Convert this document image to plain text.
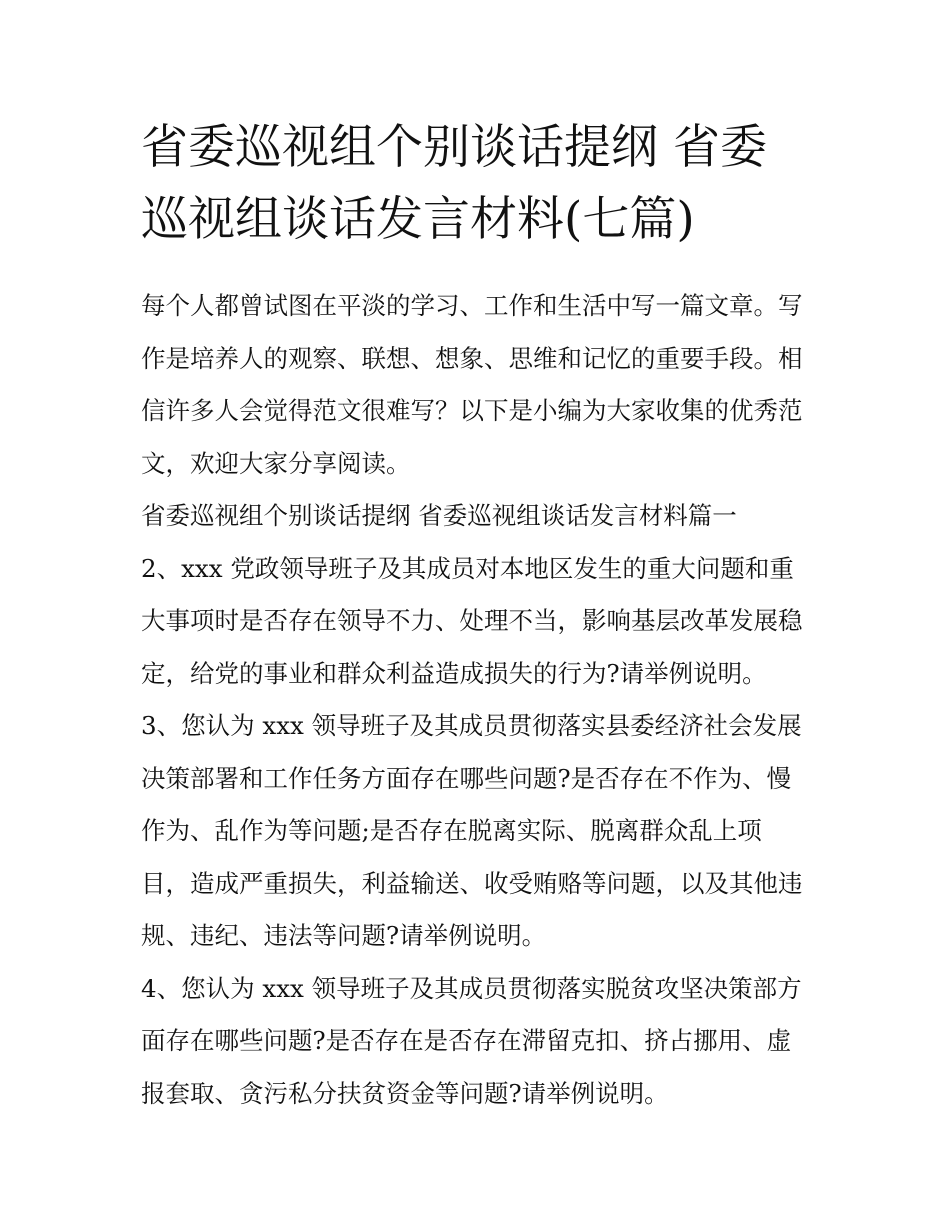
省委巡视组个别谈话提纲 省委
巡视组谈话发言材料(七篇)
每个人都曾试图在平淡的学习、工作和生活中写一篇文章。写
作是培养人的观察、联想、想象、思维和记忆的重要手段。相
信许多人会觉得范文很难写？以下是小编为大家收集的优秀范
文，欢迎大家分享阅读。
省委巡视组个别谈话提纲 省委巡视组谈话发言材料篇一
2、xxx 党政领导班子及其成员对本地区发生的重大问题和重
大事项时是否存在领导不力、处理不当，影响基层改革发展稳
定，给党的事业和群众利益造成损失的行为?请举例说明。
3、您认为 xxx 领导班子及其成员贯彻落实县委经济社会发展
决策部署和工作任务方面存在哪些问题?是否存在不作为、慢
作为、乱作为等问题;是否存在脱离实际、脱离群众乱上项
目，造成严重损失，利益输送、收受贿赂等问题，以及其他违
规、违纪、违法等问题?请举例说明。
4、您认为 xxx 领导班子及其成员贯彻落实脱贫攻坚决策部方
面存在哪些问题?是否存在是否存在滞留克扣、挤占挪用、虚
报套取、贪污私分扶贫资金等问题?请举例说明。
